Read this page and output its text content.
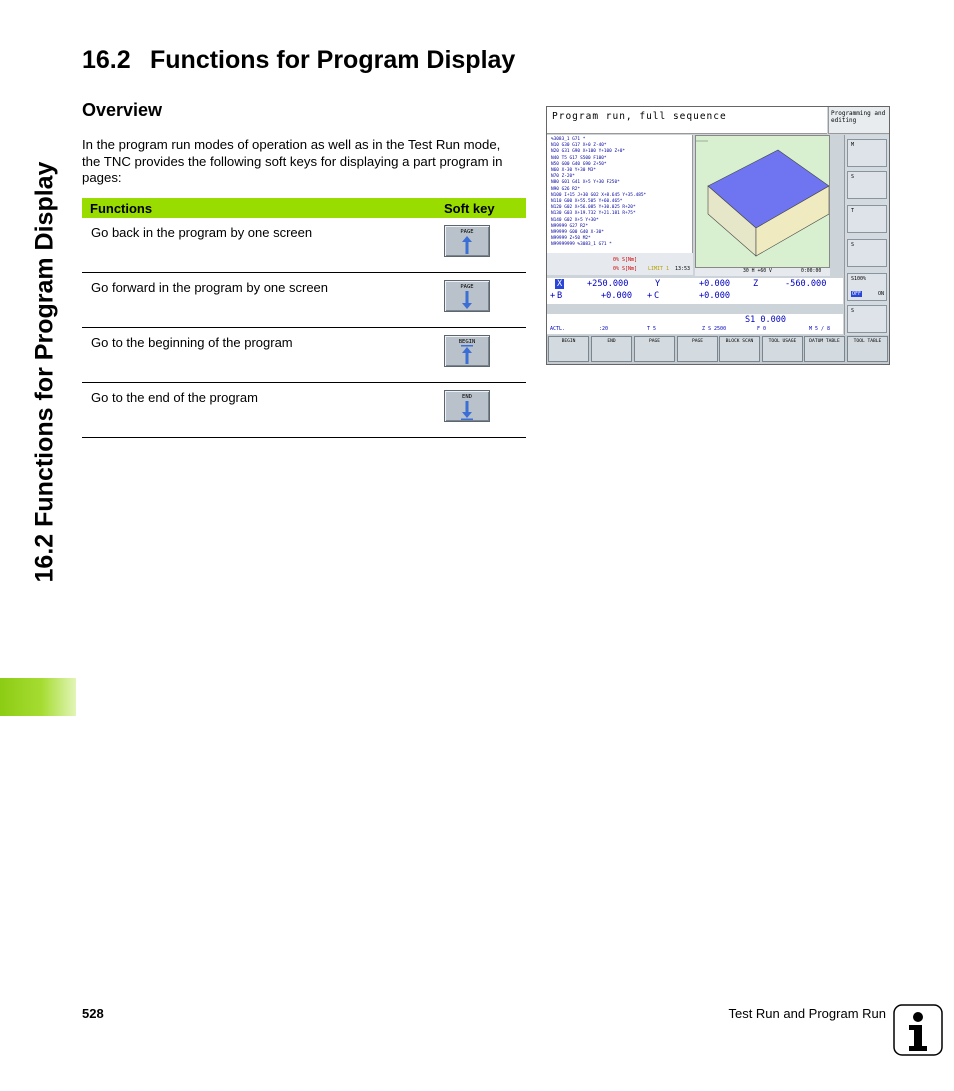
16.2 Functions for Program Display
16.2 Functions for Program Display
Overview

In the program run modes of operation as well as in the Test Run mode, the TNC provides the following soft keys for displaying a part program in pages:

Functions	Soft key
Go back in the program by one screen	PAGE

Go forward in the program by one screen	PAGE

Go to the beginning of the program	BEGIN

Go to the end of the program	END
Program run, full sequence	Programming and editing
%3083_1 G71 *
N10 G30 G17 X+0 Z-40*
N20 G31 G90 X+100 Y+100 Z+0*
N40 T5 G17 S500 F100*
N50 G00 G40 G90 Z+50*
N60 X-30 Y+30 M3*
N70 Z-20*
N80 G01 G41 X+5 Y+30 F250*
N90 G26 R2*
N100 I+15 J+30 G02 X+8.645 Y+35.485*
N110 G00 X+55.505 Y+60.465*
N120 G02 X+56.085 Y+30.025 R+20*
N130 G03 X+19.732 Y+21.181 R+75*
N140 G02 X+5 Y+30*
N99999 G27 R2*
N99999 G00 G40 X-30*
N99999 Z+50 M2*
N99999999 %3083_1 G71 *
0% S[Nm]
0% S[Nm] LIMIT 1 13:53	30 H +60 V	0:00:00
X	+250.000	Y	+0.000	Z	-560.000
+ B	+0.000 + C	+0.000
S1 0.000
ACTL.	:20	T 5	Z S 2500	F 0	M 5 / 8
M
S
T
S
S100%
OFF	ON
S
BEGIN	END	PAGE	PAGE	BLOCK SCAN	TOOL USAGE	DATUM TABLE	TOOL TABLE
528	Test Run and Program Run
